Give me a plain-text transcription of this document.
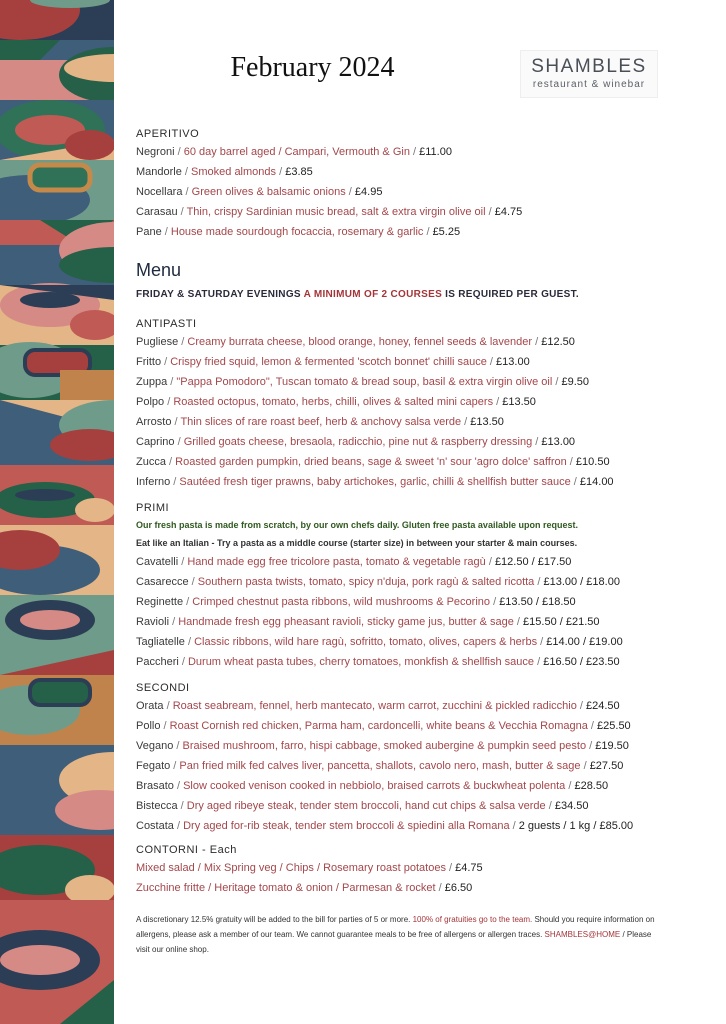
February 2024	SHAMBLES
restaurant & winebar
APERITIVO
Negroni / 60 day barrel aged / Campari, Vermouth & Gin / £11.00
Mandorle / Smoked almonds / £3.85
Nocellara / Green olives & balsamic onions / £4.95
Carasau / Thin, crispy Sardinian music bread, salt & extra virgin olive oil / £4.75
Pane / House made sourdough focaccia, rosemary & garlic / £5.25
Menu
FRIDAY & SATURDAY EVENINGS A MINIMUM OF 2 COURSES IS REQUIRED PER GUEST.
ANTIPASTI
Pugliese / Creamy burrata cheese, blood orange, honey, fennel seeds & lavender / £12.50
Fritto / Crispy fried squid, lemon & fermented 'scotch bonnet' chilli sauce / £13.00
Zuppa / "Pappa Pomodoro", Tuscan tomato & bread soup, basil & extra virgin olive oil / £9.50
Polpo / Roasted octopus, tomato, herbs, chilli, olives & salted mini capers / £13.50
Arrosto / Thin slices of rare roast beef, herb & anchovy salsa verde / £13.50
Caprino / Grilled goats cheese, bresaola, radicchio, pine nut & raspberry dressing / £13.00
Zucca / Roasted garden pumpkin, dried beans, sage & sweet 'n' sour 'agro dolce' saffron / £10.50
Inferno / Sautéed fresh tiger prawns, baby artichokes, garlic, chilli & shellfish butter sauce / £14.00
PRIMI
Our fresh pasta is made from scratch, by our own chefs daily. Gluten free pasta available upon request.
Eat like an Italian - Try a pasta as a middle course (starter size) in between your starter & main courses.
Cavatelli / Hand made egg free tricolore pasta, tomato & vegetable ragù / £12.50 / £17.50
Casarecce / Southern pasta twists, tomato, spicy n'duja, pork ragù & salted ricotta / £13.00 / £18.00
Reginette / Crimped chestnut pasta ribbons, wild mushrooms & Pecorino / £13.50 / £18.50
Ravioli / Handmade fresh egg pheasant ravioli, sticky game jus, butter & sage / £15.50 / £21.50
Tagliatelle / Classic ribbons, wild hare ragù, sofritto, tomato, olives, capers & herbs / £14.00 / £19.00
Paccheri / Durum wheat pasta tubes, cherry tomatoes, monkfish & shellfish sauce / £16.50 / £23.50
SECONDI
Orata / Roast seabream, fennel, herb mantecato, warm carrot, zucchini & pickled radicchio / £24.50
Pollo / Roast Cornish red chicken, Parma ham, cardoncelli, white beans & Vecchia Romagna / £25.50
Vegano / Braised mushroom, farro, hispi cabbage, smoked aubergine & pumpkin seed pesto / £19.50
Fegato / Pan fried milk fed calves liver, pancetta, shallots, cavolo nero, mash, butter & sage / £27.50
Brasato / Slow cooked venison cooked in nebbiolo, braised carrots & buckwheat polenta / £28.50
Bistecca / Dry aged ribeye steak, tender stem broccoli, hand cut chips & salsa verde / £34.50
Costata / Dry aged for-rib steak, tender stem broccoli & spiedini alla Romana / 2 guests / 1 kg / £85.00
CONTORNI - Each
Mixed salad / Mix Spring veg / Chips / Rosemary roast potatoes / £4.75
Zucchine fritte / Heritage tomato & onion / Parmesan & rocket / £6.50
A discretionary 12.5% gratuity will be added to the bill for parties of 5 or more. 100% of gratuities go to the team. Should you require information on allergens, please ask a member of our team. We cannot guarantee meals to be free of allergens or allergen traces. SHAMBLES@HOME / Please visit our online shop.
